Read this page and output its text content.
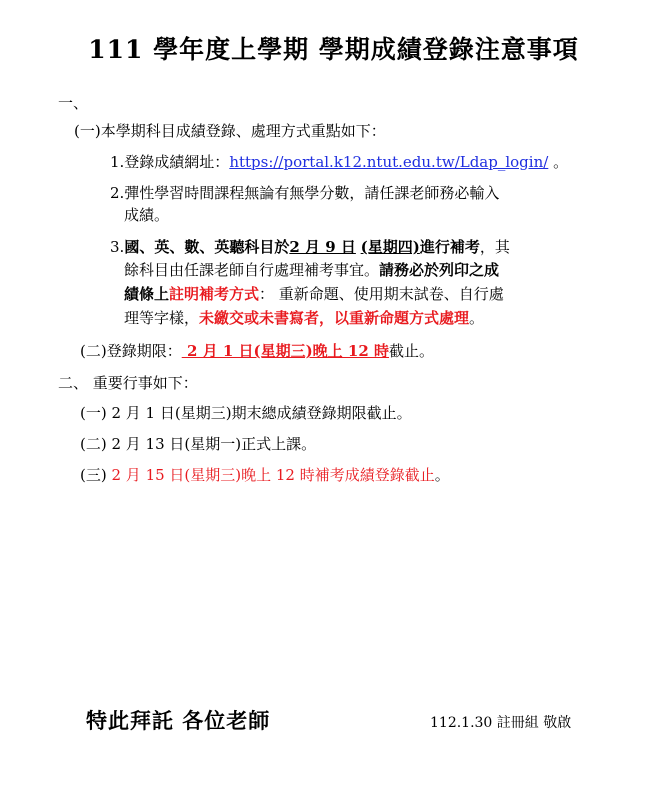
111 學年度上學期 學期成績登錄注意事項
一、
(一)本學期科目成績登錄、處理方式重點如下：
1.登錄成績網址：https://portal.k12.ntut.edu.tw/Ldap_login/ 。
2.彈性學習時間課程無論有無學分數，請任課老師務必輸入
成績。
3.國、英、數、英聽科目於2 月 9 日 (星期四)進行補考，其
餘科目由任課老師自行處理補考事宜。請務必於列印之成
績條上註明補考方式： 重新命題、使用期末試卷、自行處
理等字樣，未繳交或未書寫者，以重新命題方式處理。
(二)登錄期限： 2 月 1 日(星期三)晚上 12 時截止。
二、 重要行事如下：
(一) 2 月 1 日(星期三)期末總成績登錄期限截止。
(二) 2 月 13 日(星期一)正式上課。
(三) 2 月 15 日(星期三)晚上 12 時補考成績登錄截止。
特此拜託 各位老師	112.1.30 註冊組 敬啟
